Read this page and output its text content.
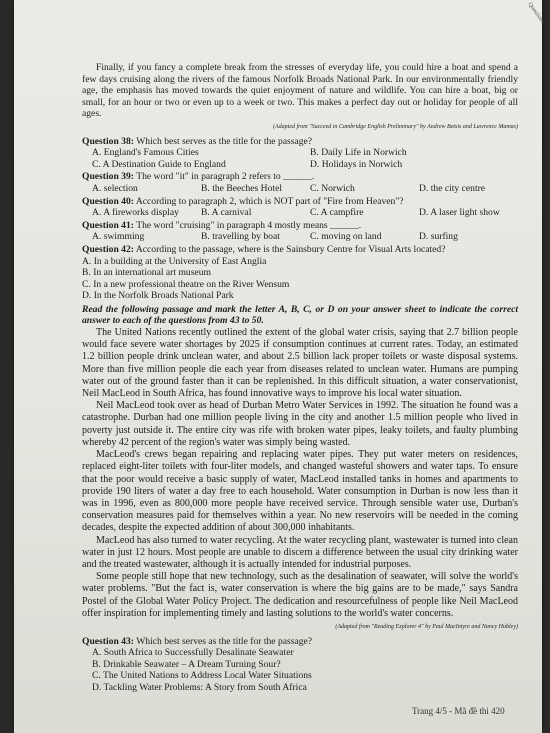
Questions

Finally, if you fancy a complete break from the stresses of everyday life, you could hire a boat and spend a few days cruising along the rivers of the famous Norfolk Broads National Park. In our environmentally friendly age, the emphasis has moved towards the quiet enjoyment of nature and wildlife. You can hire a boat, big or small, for an hour or two or even up to a week or two. This makes a perfect day out or holiday for people of all ages.

(Adapted from "Succeed in Cambridge English Preliminary" by Andrew Betsis and Lawrence Mamas)
Question 38: Which best serves as the title for the passage?
A. England's Famous Cities	B. Daily Life in Norwich
C. A Destination Guide to England	D. Holidays in Norwich
Question 39: The word "it" in paragraph 2 refers to ______.
A. selection	B. the Beeches Hotel	C. Norwich	D. the city centre
Question 40: According to paragraph 2, which is NOT part of "Fire from Heaven"?
A. A fireworks display	B. A carnival	C. A campfire	D. A laser light show
Question 41: The word "cruising" in paragraph 4 mostly means ______.
A. swimming	B. travelling by boat	C. moving on land	D. surfing
Question 42: According to the passage, where is the Sainsbury Centre for Visual Arts located?
A. In a building at the University of East Anglia
B. In an international art museum
C. In a new professional theatre on the River Wensum
D. In the Norfolk Broads National Park

Read the following passage and mark the letter A, B, C, or D on your answer sheet to indicate the correct answer to each of the questions from 43 to 50.

The United Nations recently outlined the extent of the global water crisis, saying that 2.7 billion people would face severe water shortages by 2025 if consumption continues at current rates. Today, an estimated 1.2 billion people drink unclean water, and about 2.5 billion lack proper toilets or waste disposal systems. More than five million people die each year from diseases related to unclean water. Humans are pumping water out of the ground faster than it can be replenished. In this difficult situation, a water conservationist, Neil MacLeod in South Africa, has found innovative ways to improve his local water situation.

Neil MacLeod took over as head of Durban Metro Water Services in 1992. The situation he found was a catastrophe. Durban had one million people living in the city and another 1.5 million people who lived in poverty just outside it. The entire city was rife with broken water pipes, leaky toilets, and faulty plumbing whereby 42 percent of the region's water was simply being wasted.

MacLeod's crews began repairing and replacing water pipes. They put water meters on residences, replaced eight-liter toilets with four-liter models, and changed wasteful showers and water taps. To ensure that the poor would receive a basic supply of water, MacLeod installed tanks in homes and apartments to provide 190 liters of water a day free to each household. Water consumption in Durban is now less than it was in 1996, even as 800,000 more people have received service. Through sensible water use, Durban's conservation measures paid for themselves within a year. No new reservoirs will be needed in the coming decades, despite the expected addition of about 300,000 inhabitants.

MacLeod has also turned to water recycling. At the water recycling plant, wastewater is turned into clean water in just 12 hours. Most people are unable to discern a difference between the usual city drinking water and the treated wastewater, although it is actually intended for industrial purposes.

Some people still hope that new technology, such as the desalination of seawater, will solve the world's water problems. "But the fact is, water conservation is where the big gains are to be made," says Sandra Postel of the Global Water Policy Project. The dedication and resourcefulness of people like Neil MacLeod offer inspiration for implementing timely and lasting solutions to the world's water concerns.

(Adapted from "Reading Explorer 4" by Paul MacIntyre and Nancy Hubley)
Question 43: Which best serves as the title for the passage?
A. South Africa to Successfully Desalinate Seawater
B. Drinkable Seawater – A Dream Turning Sour?
C. The United Nations to Address Local Water Situations
D. Tackling Water Problems: A Story from South Africa
Trang 4/5 - Mã đề thi 420
